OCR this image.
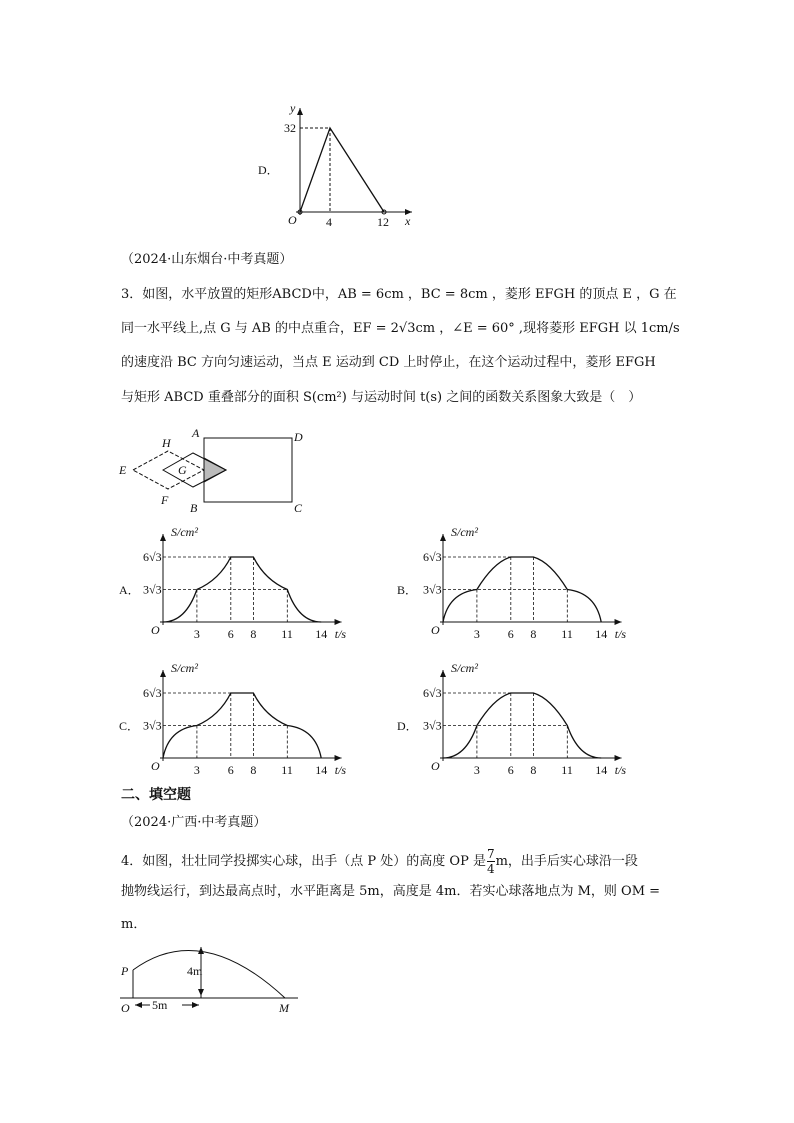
D．
y
x
O
32
4	12
A	D
B	C
E
H
F
G
A．
S/cm²
t/s
O
3√3
6√3
3 6 8 11 14
B．
S/cm²
t/s
O
3√3
6√3
3 6 8 11 14
C．
S/cm²
t/s
O
3√3
6√3
3 6 8 11 14
D．
S/cm²
t/s
O
3√3
6√3
3 6 8 11 14
P
O	M
4m
5m
（2024·山东烟台·中考真题）
3．如图，水平放置的矩形ABCD中，AB = 6cm ，BC = 8cm ，菱形 EFGH 的顶点 E ，G 在
同一水平线上,点 G 与 AB 的中点重合，EF = 2√3cm ，∠E = 60° ,现将菱形 EFGH 以 1cm/s
的速度沿 BC 方向匀速运动，当点 E 运动到 CD 上时停止，在这个运动过程中，菱形 EFGH
与矩形 ABCD 重叠部分的面积 S(cm²) 与运动时间 t(s) 之间的函数关系图象大致是（　）
二、填空题
（2024·广西·中考真题）
4．如图，壮壮同学投掷实心球，出手（点 P 处）的高度 OP 是 $\frac{7}{4}$ m，出手后实心球沿一段
抛物线运行，到达最高点时，水平距离是 5m，高度是 4m．若实心球落地点为 M，则 OM =
m．
